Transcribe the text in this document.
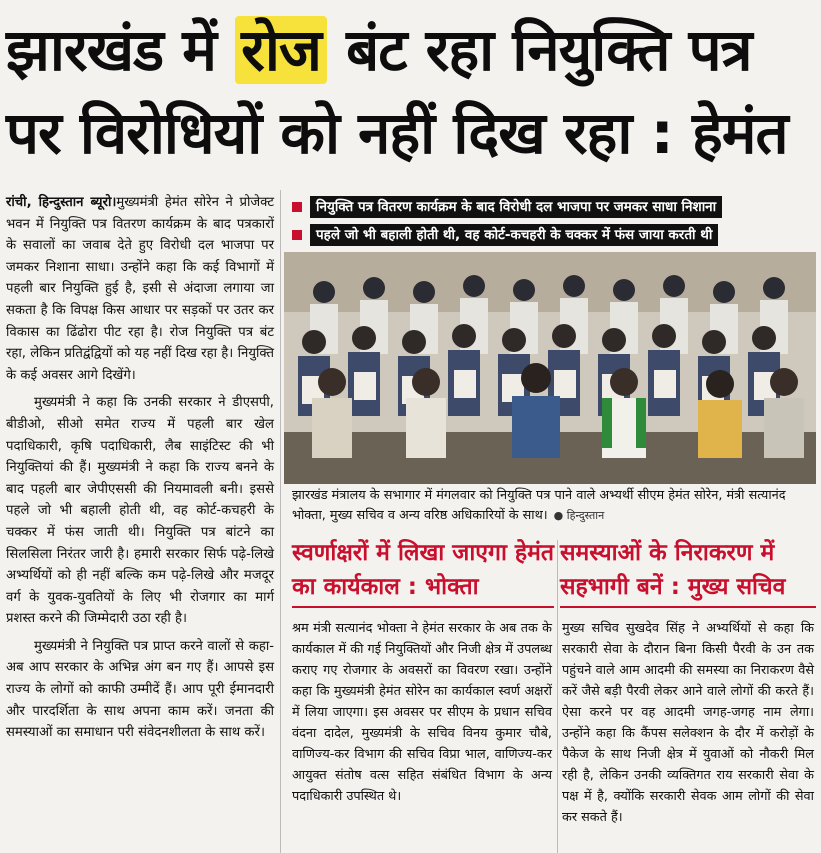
झारखंड में रोज बंट रहा नियुक्ति पत्र
पर विरोधियों को नहीं दिख रहा : हेमंत

रांची, हिन्दुस्तान ब्यूरो।मुख्यमंत्री हेमंत सोरेन ने प्रोजेक्ट भवन में नियुक्ति पत्र वितरण कार्यक्रम के बाद पत्रकारों के सवालों का जवाब देते हुए विरोधी दल भाजपा पर जमकर निशाना साधा। उन्होंने कहा कि कई विभागों में पहली बार नियुक्ति हुई है, इसी से अंदाजा लगाया जा सकता है कि विपक्ष किस आधार पर सड़कों पर उतर कर विकास का ढिंढोरा पीट रहा है। रोज नियुक्ति पत्र बंट रहा, लेकिन प्रतिद्वंद्वियों को यह नहीं दिख रहा है। नियुक्ति के कई अवसर आगे दिखेंगे।

मुख्यमंत्री ने कहा कि उनकी सरकार ने डीएसपी, बीडीओ, सीओ समेत राज्य में पहली बार खेल पदाधिकारी, कृषि पदाधिकारी, लैब साइंटिस्ट की भी नियुक्तियां की हैं। मुख्यमंत्री ने कहा कि राज्य बनने के बाद पहली बार जेपीएससी की नियमावली बनी। इससे पहले जो भी बहाली होती थी, वह कोर्ट-कचहरी के चक्कर में फंस जाती थी। नियुक्ति पत्र बांटने का सिलसिला निरंतर जारी है। हमारी सरकार सिर्फ पढ़े-लिखे अभ्यर्थियों को ही नहीं बल्कि कम पढ़े-लिखे और मजदूर वर्ग के युवक-युवतियों के लिए भी रोजगार का मार्ग प्रशस्त करने की जिम्मेदारी उठा रही है।

मुख्यमंत्री ने नियुक्ति पत्र प्राप्त करने वालों से कहा- अब आप सरकार के अभिन्न अंग बन गए हैं। आपसे इस राज्य के लोगों को काफी उम्मीदें हैं। आप पूरी ईमानदारी और पारदर्शिता के साथ अपना काम करें। जनता की समस्याओं का समाधान परी संवेदनशीलता के साथ करें।

नियुक्ति पत्र वितरण कार्यक्रम के बाद विरोधी दल भाजपा पर जमकर साधा निशाना
पहले जो भी बहाली होती थी, वह कोर्ट-कचहरी के चक्कर में फंस जाया करती थी
झारखंड मंत्रालय के सभागार में मंगलवार को नियुक्ति पत्र पाने वाले अभ्यर्थी सीएम हेमंत सोरेन, मंत्री सत्यानंद भोक्ता, मुख्य सचिव व अन्य वरिष्ठ अधिकारियों के साथ। ● हिन्दुस्तान
स्वर्णाक्षरों में लिखा जाएगा हेमंत का कार्यकाल : भोक्ता
समस्याओं के निराकरण में सहभागी बनें : मुख्य सचिव

श्रम मंत्री सत्यानंद भोक्ता ने हेमंत सरकार के अब तक के कार्यकाल में की गई नियुक्तियों और निजी क्षेत्र में उपलब्ध कराए गए रोजगार के अवसरों का विवरण रखा। उन्होंने कहा कि मुख्यमंत्री हेमंत सोरेन का कार्यकाल स्वर्ण अक्षरों में लिया जाएगा। इस अवसर पर सीएम के प्रधान सचिव वंदना दादेल, मुख्यमंत्री के सचिव विनय कुमार चौबे, वाणिज्य-कर विभाग की सचिव विप्रा भाल, वाणिज्य-कर आयुक्त संतोष वत्स सहित संबंधित विभाग के अन्य पदाधिकारी उपस्थित थे।

मुख्य सचिव सुखदेव सिंह ने अभ्यर्थियों से कहा कि सरकारी सेवा के दौरान बिना किसी पैरवी के उन तक पहुंचने वाले आम आदमी की समस्या का निराकरण वैसे करें जैसे बड़ी पैरवी लेकर आने वाले लोगों की करते हैं। ऐसा करने पर वह आदमी जगह-जगह नाम लेगा। उन्होंने कहा कि कैंपस सलेक्शन के दौर में करोड़ों के पैकेज के साथ निजी क्षेत्र में युवाओं को नौकरी मिल रही है, लेकिन उनकी व्यक्तिगत राय सरकारी सेवा के पक्ष में है, क्योंकि सरकारी सेवक आम लोगों की सेवा कर सकते हैं।
